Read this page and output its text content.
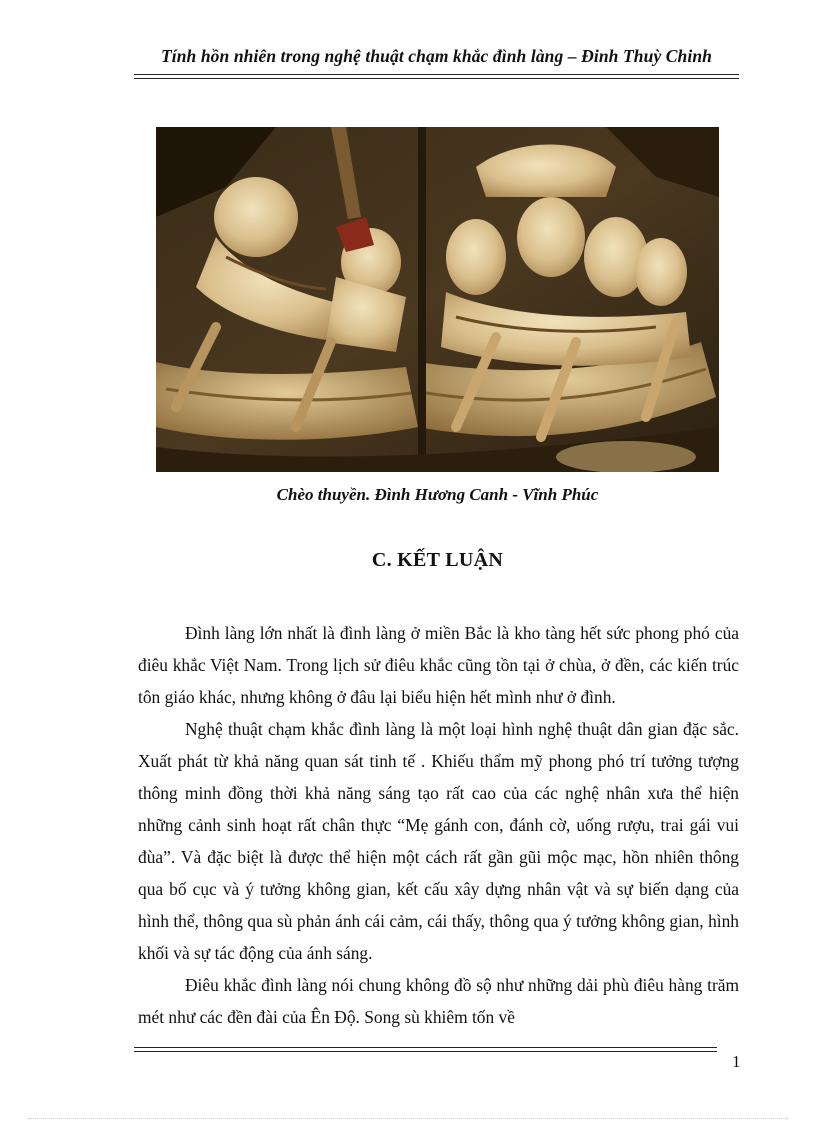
Tính hồn nhiên trong nghệ thuật chạm khắc đình làng – Đinh Thuỳ Chinh
Chèo thuyền. Đình Hương Canh - Vĩnh Phúc
C. KẾT LUẬN

Đình làng lớn nhất là đình làng ở miền Bắc là kho tàng hết sức phong phó của điêu khắc Việt Nam. Trong lịch sử điêu khắc cũng tồn tại ở chùa, ở đền, các kiến trúc tôn giáo khác, nhưng không ở đâu lại biểu hiện hết mình như ở đình.

Nghệ thuật chạm khắc đình làng là một loại hình nghệ thuật dân gian đặc sắc. Xuất phát từ khả năng quan sát tinh tế . Khiếu thẩm mỹ phong phó trí tưởng tượng thông minh đồng thời khả năng sáng tạo rất cao của các nghệ nhân xưa thể hiện những cảnh sinh hoạt rất chân thực “Mẹ gánh con, đánh cờ, uống rượu, trai gái vui đùa”. Và đặc biệt là được thể hiện một cách rất gần gũi mộc mạc, hồn nhiên thông qua bố cục và ý tưởng không gian, kết cấu xây dựng nhân vật và sự biến dạng của hình thể, thông qua sù phản ánh cái cảm, cái thấy, thông qua ý tưởng không gian, hình khối và sự tác động của ánh sáng.

Điêu khắc đình làng nói chung không đồ sộ như những dải phù điêu hàng trăm mét như các đền đài của Ên Độ. Song sù khiêm tốn về

1
